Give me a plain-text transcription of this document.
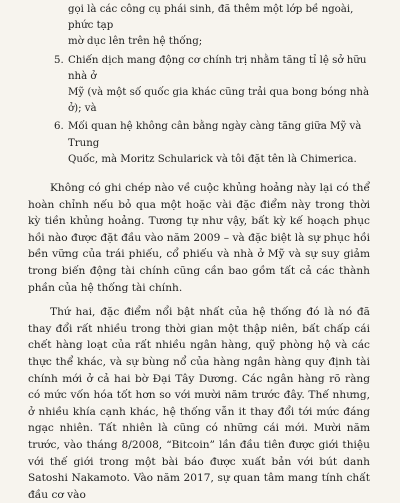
gọi là các công cụ phái sinh, đã thêm một lớp bề ngoài, phức tạp
mờ dục lên trên hệ thống;
5. Chiến dịch mang động cơ chính trị nhằm tăng tỉ lệ sở hữu nhà ở
Mỹ (và một số quốc gia khác cũng trải qua bong bóng nhà ở); và
6. Mối quan hệ không cân bằng ngày càng tăng giữa Mỹ và Trung
Quốc, mà Moritz Schularick và tôi đặt tên là Chimerica.

Không có ghi chép nào về cuộc khủng hoảng này lại có thể hoàn chỉnh nếu bỏ qua một hoặc vài đặc điểm này trong thời kỳ tiền khủng hoảng. Tương tự như vậy, bất kỳ kế hoạch phục hồi nào được đặt đầu vào năm 2009 – và đặc biệt là sự phục hồi bền vững của trái phiếu, cổ phiếu và nhà ở Mỹ và sự suy giảm trong biến động tài chính cũng cần bao gồm tất cả các thành phần của hệ thống tài chính.

Thứ hai, đặc điểm nổi bật nhất của hệ thống đó là nó đã thay đổi rất nhiều trong thời gian một thập niên, bất chấp cái chết hàng loạt của rất nhiều ngân hàng, quỹ phòng hộ và các thực thể khác, và sự bùng nổ của hàng ngân hàng quy định tài chính mới ở cả hai bờ Đại Tây Dương. Các ngân hàng rõ ràng có mức vốn hóa tốt hơn so với mười năm trước đây. Thế nhưng, ở nhiều khía cạnh khác, hệ thống vẫn it thay đổi tới mức đáng ngạc nhiên. Tất nhiên là cũng có những cái mới. Mười năm trước, vào tháng 8/2008, “Bitcoin” lần đầu tiên được giới thiệu với thế giới trong một bài báo được xuất bản với bút danh Satoshi Nakamoto. Vào năm 2017, sự quan tâm mang tính chất đầu cơ vào
